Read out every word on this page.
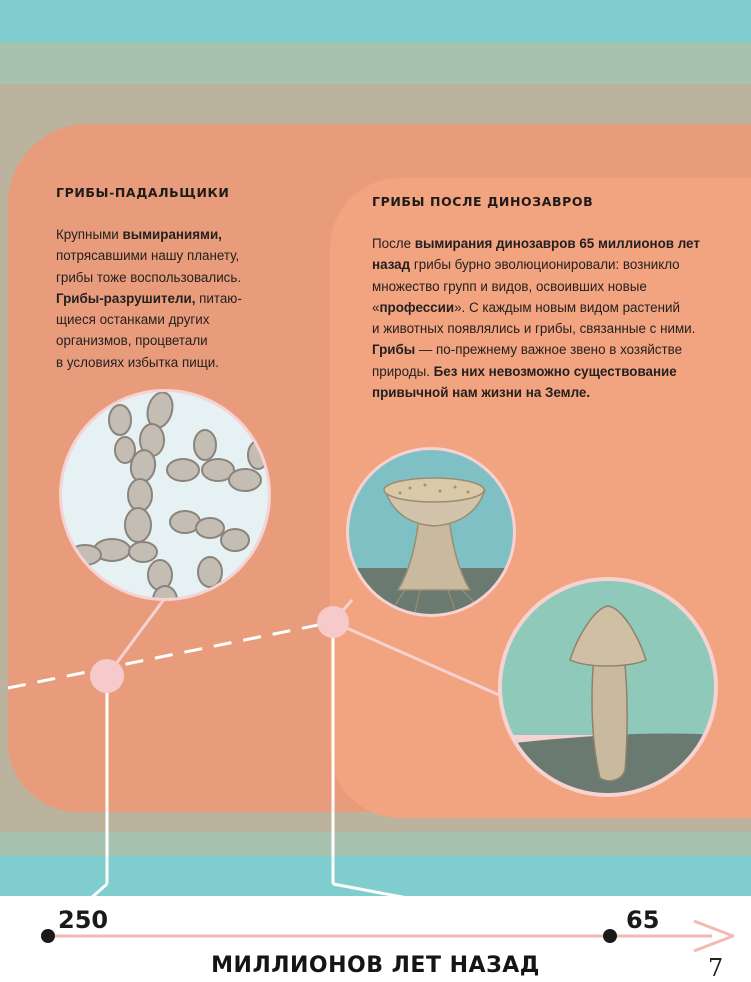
ГРИБЫ-ПАДАЛЬЩИКИ
Крупными вымираниями,
потрясавшими нашу планету,
грибы тоже воспользовались.
Грибы-разрушители, питаю-
щиеся останками других
организмов, процветали
в условиях избытка пищи.
ГРИБЫ ПОСЛЕ ДИНОЗАВРОВ
После вымирания динозавров 65 миллионов лет
назад грибы бурно эволюционировали: возникло
множество групп и видов, освоивших новые
«профессии». С каждым новым видом растений
и животных появлялись и грибы, связанные с ними.
Грибы — по-прежнему важное звено в хозяйстве
природы. Без них невозможно существование
привычной нам жизни на Земле.
250	65
МИЛЛИОНОВ ЛЕТ НАЗАД	7
